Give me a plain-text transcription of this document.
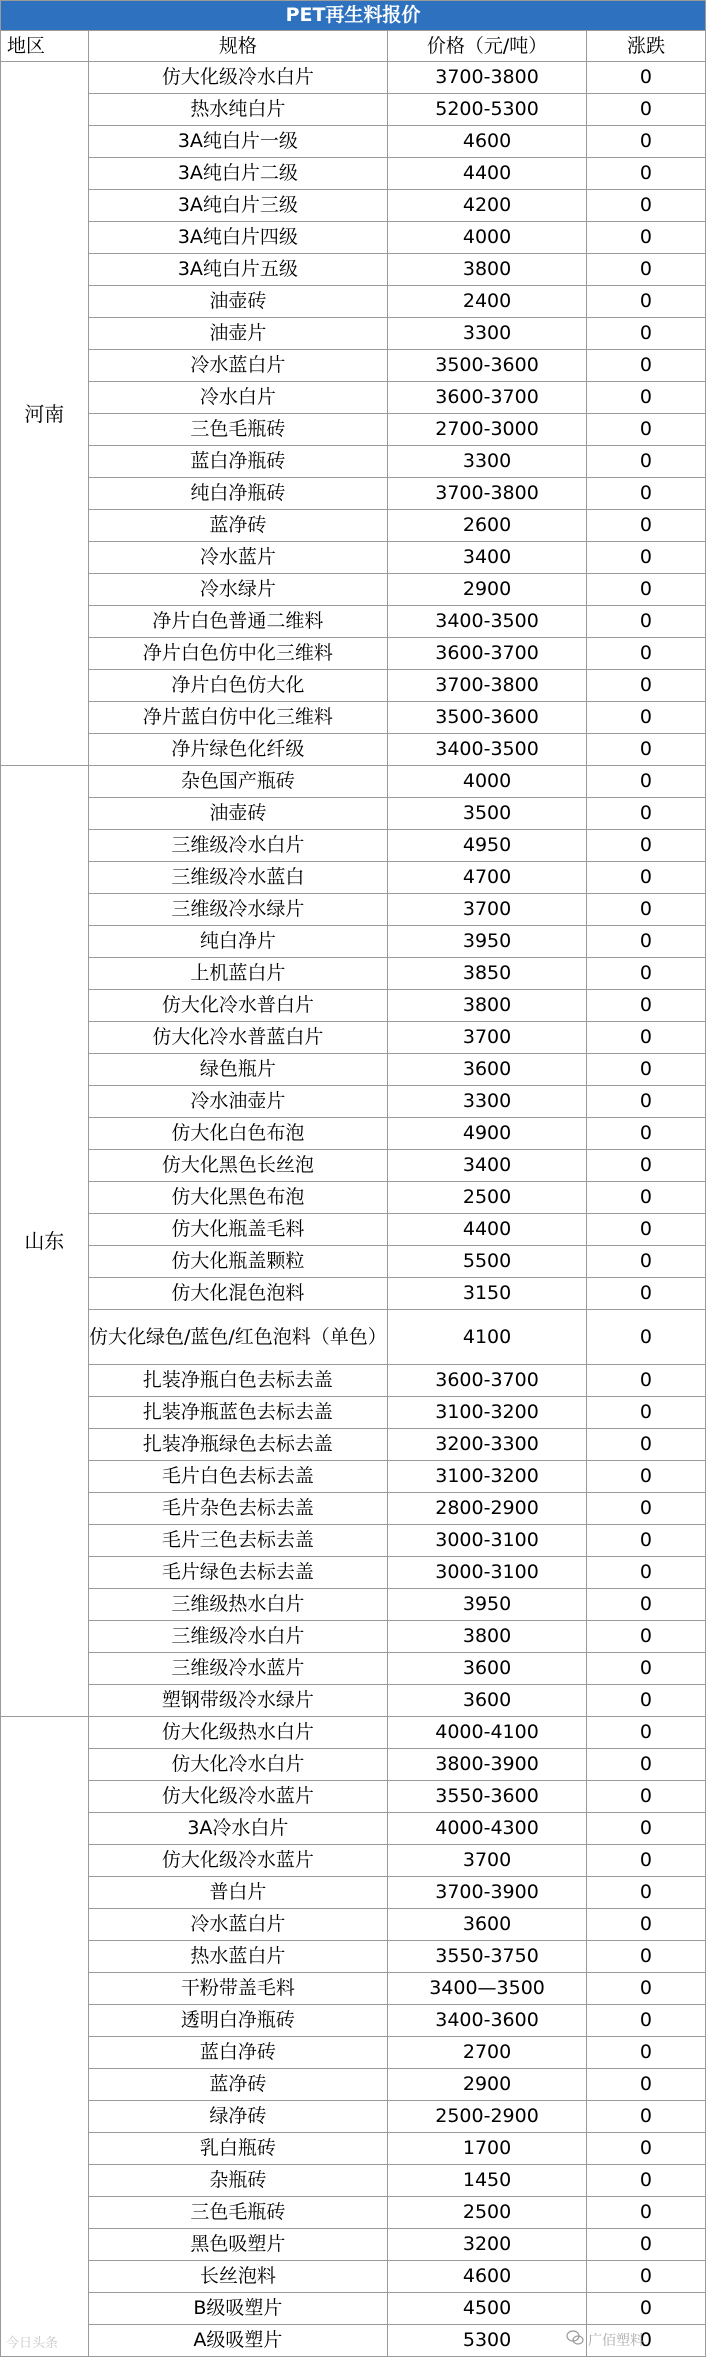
PET再生料报价			
地区	规格	价格（元/吨）	涨跌
河南	仿大化级冷水白片	3700-3800	0
	热水纯白片	5200-5300	0
	3A纯白片一级	4600	0
	3A纯白片二级	4400	0
	3A纯白片三级	4200	0
	3A纯白片四级	4000	0
	3A纯白片五级	3800	0
	油壶砖	2400	0
	油壶片	3300	0
	冷水蓝白片	3500-3600	0
	冷水白片	3600-3700	0
	三色毛瓶砖	2700-3000	0
	蓝白净瓶砖	3300	0
	纯白净瓶砖	3700-3800	0
	蓝净砖	2600	0
	冷水蓝片	3400	0
	冷水绿片	2900	0
	净片白色普通二维料	3400-3500	0
	净片白色仿中化三维料	3600-3700	0
	净片白色仿大化	3700-3800	0
	净片蓝白仿中化三维料	3500-3600	0
	净片绿色化纤级	3400-3500	0
山东	杂色国产瓶砖	4000	0
	油壶砖	3500	0
	三维级冷水白片	4950	0
	三维级冷水蓝白	4700	0
	三维级冷水绿片	3700	0
	纯白净片	3950	0
	上机蓝白片	3850	0
	仿大化冷水普白片	3800	0
	仿大化冷水普蓝白片	3700	0
	绿色瓶片	3600	0
	冷水油壶片	3300	0
	仿大化白色布泡	4900	0
	仿大化黑色长丝泡	3400	0
	仿大化黑色布泡	2500	0
	仿大化瓶盖毛料	4400	0
	仿大化瓶盖颗粒	5500	0
	仿大化混色泡料	3150	0
	仿大化绿色/蓝色/红色泡料（单色）	4100	0
	扎装净瓶白色去标去盖	3600-3700	0
	扎装净瓶蓝色去标去盖	3100-3200	0
	扎装净瓶绿色去标去盖	3200-3300	0
	毛片白色去标去盖	3100-3200	0
	毛片杂色去标去盖	2800-2900	0
	毛片三色去标去盖	3000-3100	0
	毛片绿色去标去盖	3000-3100	0
	三维级热水白片	3950	0
	三维级冷水白片	3800	0
	三维级冷水蓝片	3600	0
	塑钢带级冷水绿片	3600	0
	仿大化级热水白片	4000-4100	0
	仿大化冷水白片	3800-3900	0
	仿大化级冷水蓝片	3550-3600	0
	3A冷水白片	4000-4300	0
	仿大化级冷水蓝片	3700	0
	普白片	3700-3900	0
	冷水蓝白片	3600	0
	热水蓝白片	3550-3750	0
	干粉带盖毛料	3400—3500	0
	透明白净瓶砖	3400-3600	0
	蓝白净砖	2700	0
	蓝净砖	2900	0
	绿净砖	2500-2900	0
	乳白瓶砖	1700	0
	杂瓶砖	1450	0
	三色毛瓶砖	2500	0
	黑色吸塑片	3200	0
	长丝泡料	4600	0
	B级吸塑片	4500	0
	A级吸塑片	5300	0
今日头条	广佰塑料
